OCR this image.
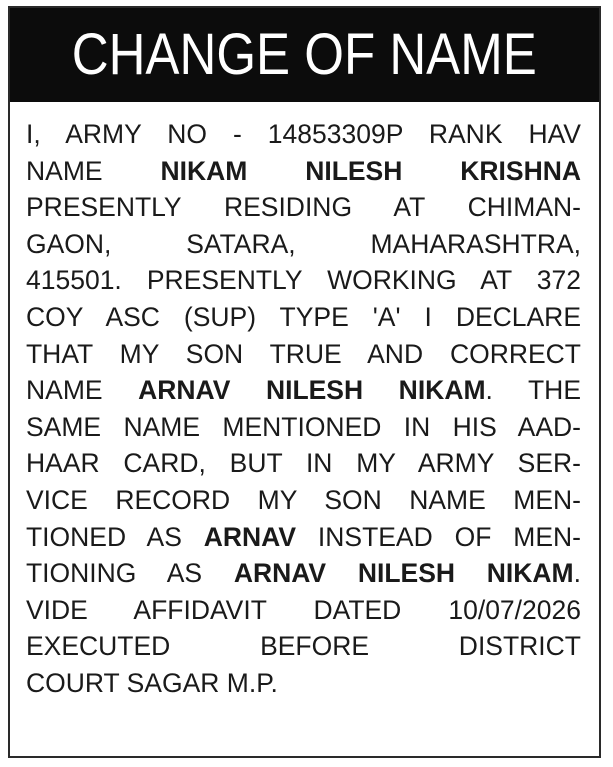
CHANGE OF NAME
I, ARMY NO - 14853309P RANK HAV
NAME NIKAM NILESH KRISHNA
PRESENTLY RESIDING AT CHIMAN-
GAON, SATARA, MAHARASHTRA,
415501. PRESENTLY WORKING AT 372
COY ASC (SUP) TYPE 'A' I DECLARE
THAT MY SON TRUE AND CORRECT
NAME ARNAV NILESH NIKAM. THE
SAME NAME MENTIONED IN HIS AAD-
HAAR CARD, BUT IN MY ARMY SER-
VICE RECORD MY SON NAME MEN-
TIONED AS ARNAV INSTEAD OF MEN-
TIONING AS ARNAV NILESH NIKAM.
VIDE AFFIDAVIT DATED 10/07/2026
EXECUTED BEFORE DISTRICT
COURT SAGAR M.P.
